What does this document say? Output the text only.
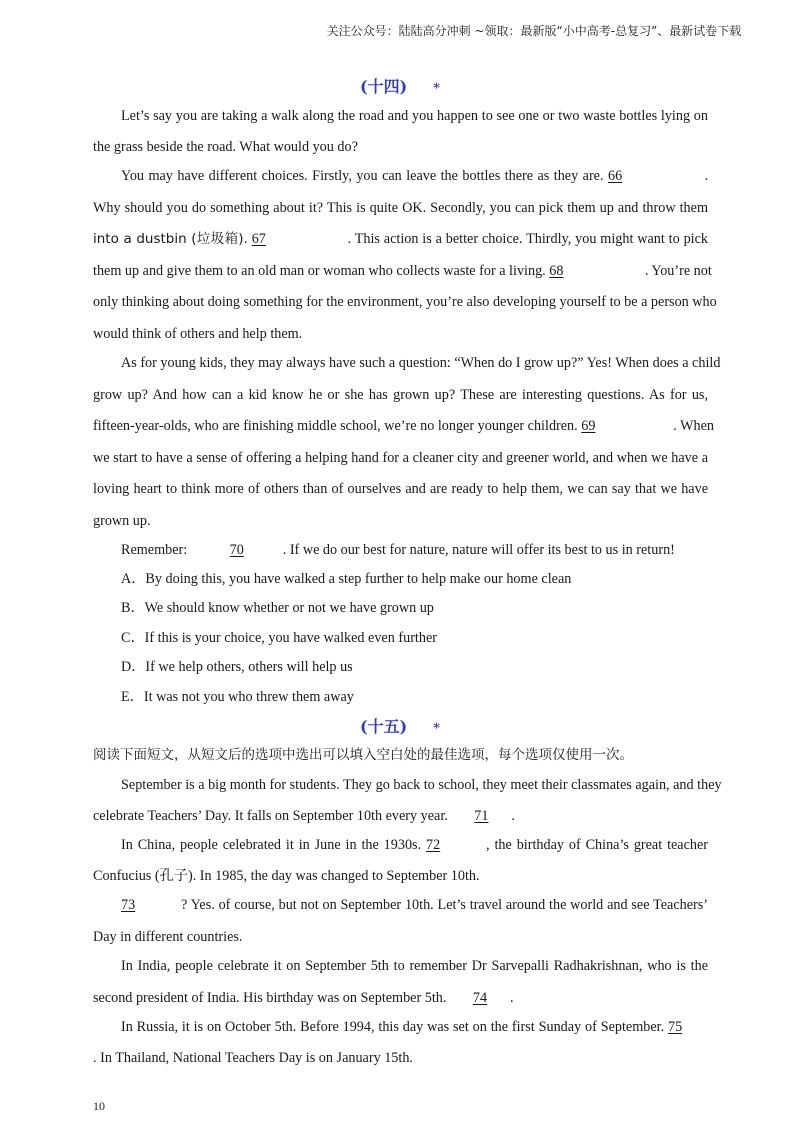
关注公众号：陆陆高分冲刺 ~领取：最新版“小中高考-总复习”、最新试卷下载
(十四) *
Let’s say you are taking a walk along the road and you happen to see one or two waste bottles lying on
the grass beside the road. What would you do?
You may have different choices. Firstly, you can leave the bottles there as they are. 66	.
Why should you do something about it? This is quite OK. Secondly, you can pick them up and throw them
into a dustbin (垃圾箱). 67	. This action is a better choice. Thirdly, you might want to pick
them up and give them to an old man or woman who collects waste for a living. 68	. You’re not
only thinking about doing something for the environment, you’re also developing yourself to be a person who
would think of others and help them.
As for young kids, they may always have such a question: “When do I grow up?” Yes! When does a child
grow up? And how can a kid know he or she has grown up? These are interesting questions. As for us,
fifteen-year-olds, who are finishing middle school, we’re no longer younger children. 69	. When
we start to have a sense of offering a helping hand for a cleaner city and greener world, and when we have a
loving heart to think more of others than of ourselves and are ready to help them, we can say that we have
grown up.
Remember:	70	. If we do our best for nature, nature will offer its best to us in return!
A．By doing this, you have walked a step further to help make our home clean
B．We should know whether or not we have grown up
C．If this is your choice, you have walked even further
D．If we help others, others will help us
E．It was not you who threw them away
(十五) *
阅读下面短文，从短文后的选项中选出可以填入空白处的最佳选项，每个选项仅使用一次。
September is a big month for students. They go back to school, they meet their classmates again, and they
celebrate Teachers’ Day. It falls on September 10th every year. 71 .
In China, people celebrated it in June in the 1930s. 72	, the birthday of China’s great teacher
Confucius (孔子). In 1985, the day was changed to September 10th.
73	? Yes. of course, but not on September 10th. Let’s travel around the world and see Teachers’
Day in different countries.
In India, people celebrate it on September 5th to remember Dr Sarvepalli Radhakrishnan, who is the
second president of India. His birthday was on September 5th. 74 .
In Russia, it is on October 5th. Before 1994, this day was set on the first Sunday of September. 75
. In Thailand, National Teachers Day is on January 15th.
10
